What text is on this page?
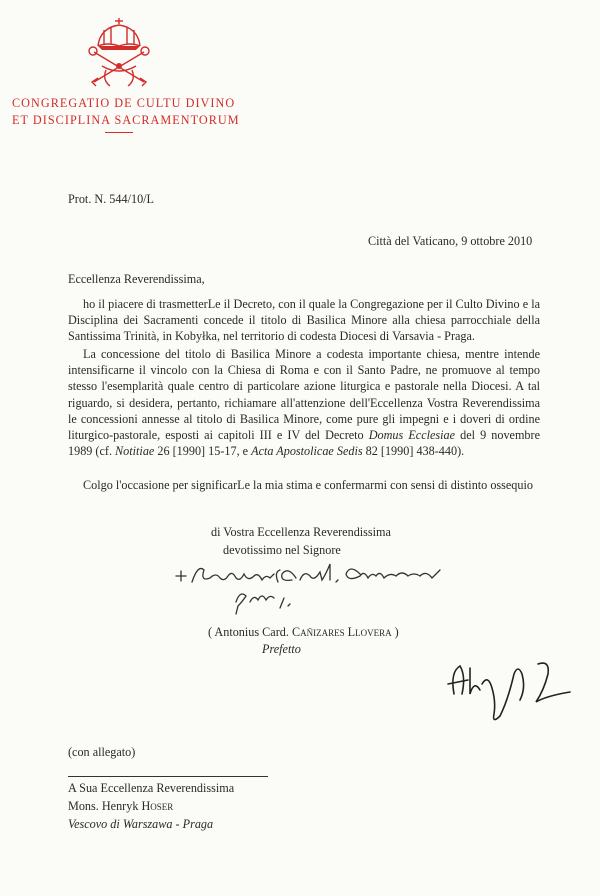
CONGREGATIO DE CULTU DIVINO
ET DISCIPLINA SACRAMENTORUM
Prot. N. 544/10/L
Città del Vaticano, 9 ottobre 2010
Eccellenza Reverendissima,
ho il piacere di trasmetterLe il Decreto, con il quale la Congregazione per il Culto Divino e la Disciplina dei Sacramenti concede il titolo di Basilica Minore alla chiesa parrocchiale della Santissima Trinità, in Kobyłka, nel territorio di codesta Diocesi di Varsavia - Praga.
La concessione del titolo di Basilica Minore a codesta importante chiesa, mentre intende intensificarne il vincolo con la Chiesa di Roma e con il Santo Padre, ne promuove al tempo stesso l'esemplarità quale centro di particolare azione liturgica e pastorale nella Diocesi. A tal riguardo, si desidera, pertanto, richiamare all'attenzione dell'Eccellenza Vostra Reverendissima le concessioni annesse al titolo di Basilica Minore, come pure gli impegni e i doveri di ordine liturgico-pastorale, esposti ai capitoli III e IV del Decreto Domus Ecclesiae del 9 novembre 1989 (cf. Notitiae 26 [1990] 15-17, e Acta Apostolicae Sedis 82 [1990] 438-440).
Colgo l'occasione per significarLe la mia stima e confermarmi con sensi di distinto ossequio
di Vostra Eccellenza Reverendissima
devotissimo nel Signore
( Antonius Card. Cañizares Llovera )
Prefetto
(con allegato)
A Sua Eccellenza Reverendissima
Mons. Henryk Hoser
Vescovo di Warszawa - Praga
